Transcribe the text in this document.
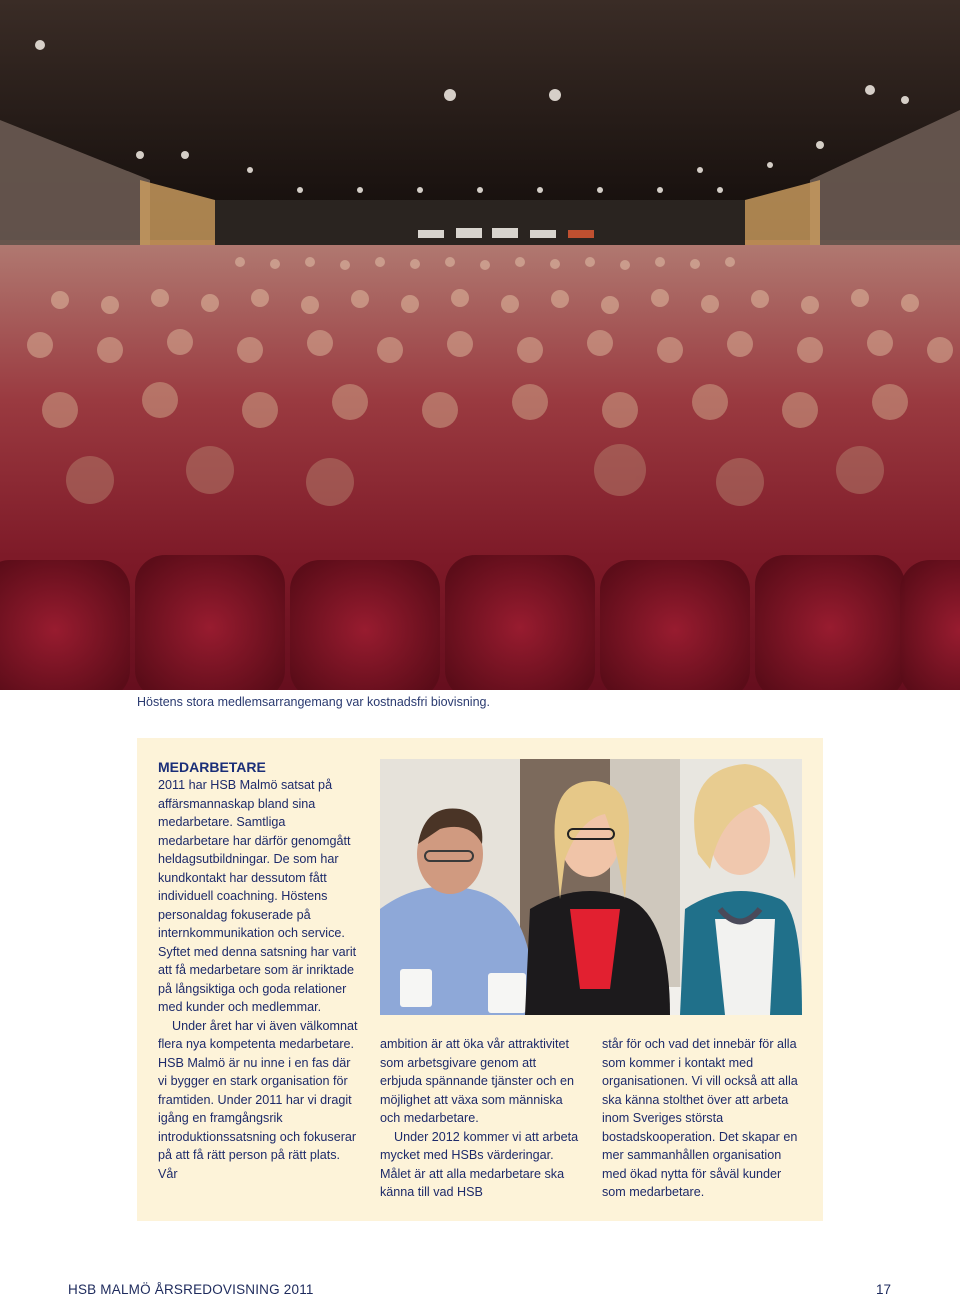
Höstens stora medlemsarrangemang var kostnadsfri biovisning.
MEDARBETARE

2011 har HSB Malmö satsat på affärsmannaskap bland sina medarbetare. Samtliga medarbetare har därför genomgått heldagsutbildningar. De som har kundkontakt har dessutom fått individuell coachning. Höstens personaldag fokuserade på internkommunikation och service. Syftet med denna satsning har varit att få medarbetare som är inriktade på långsiktiga och goda relationer med kunder och medlemmar.

Under året har vi även välkomnat flera nya kompetenta medarbetare. HSB Malmö är nu inne i en fas där vi bygger en stark organisation för framtiden. Under 2011 har vi dragit igång en framgångsrik introduktionssatsning och fokuserar på att få rätt person på rätt plats. Vår

ambition är att öka vår attraktivitet som arbetsgivare genom att erbjuda spännande tjänster och en möjlighet att växa som människa och medarbetare.

Under 2012 kommer vi att arbeta mycket med HSBs värderingar. Målet är att alla medarbetare ska känna till vad HSB

står för och vad det innebär för alla som kommer i kontakt med organisationen. Vi vill också att alla ska känna stolthet över att arbeta inom Sveriges största bostadskooperation. Det skapar en mer sammanhållen organisation med ökad nytta för såväl kunder som medarbetare.

HSB MALMÖ ÅRSREDOVISNING 2011	17
